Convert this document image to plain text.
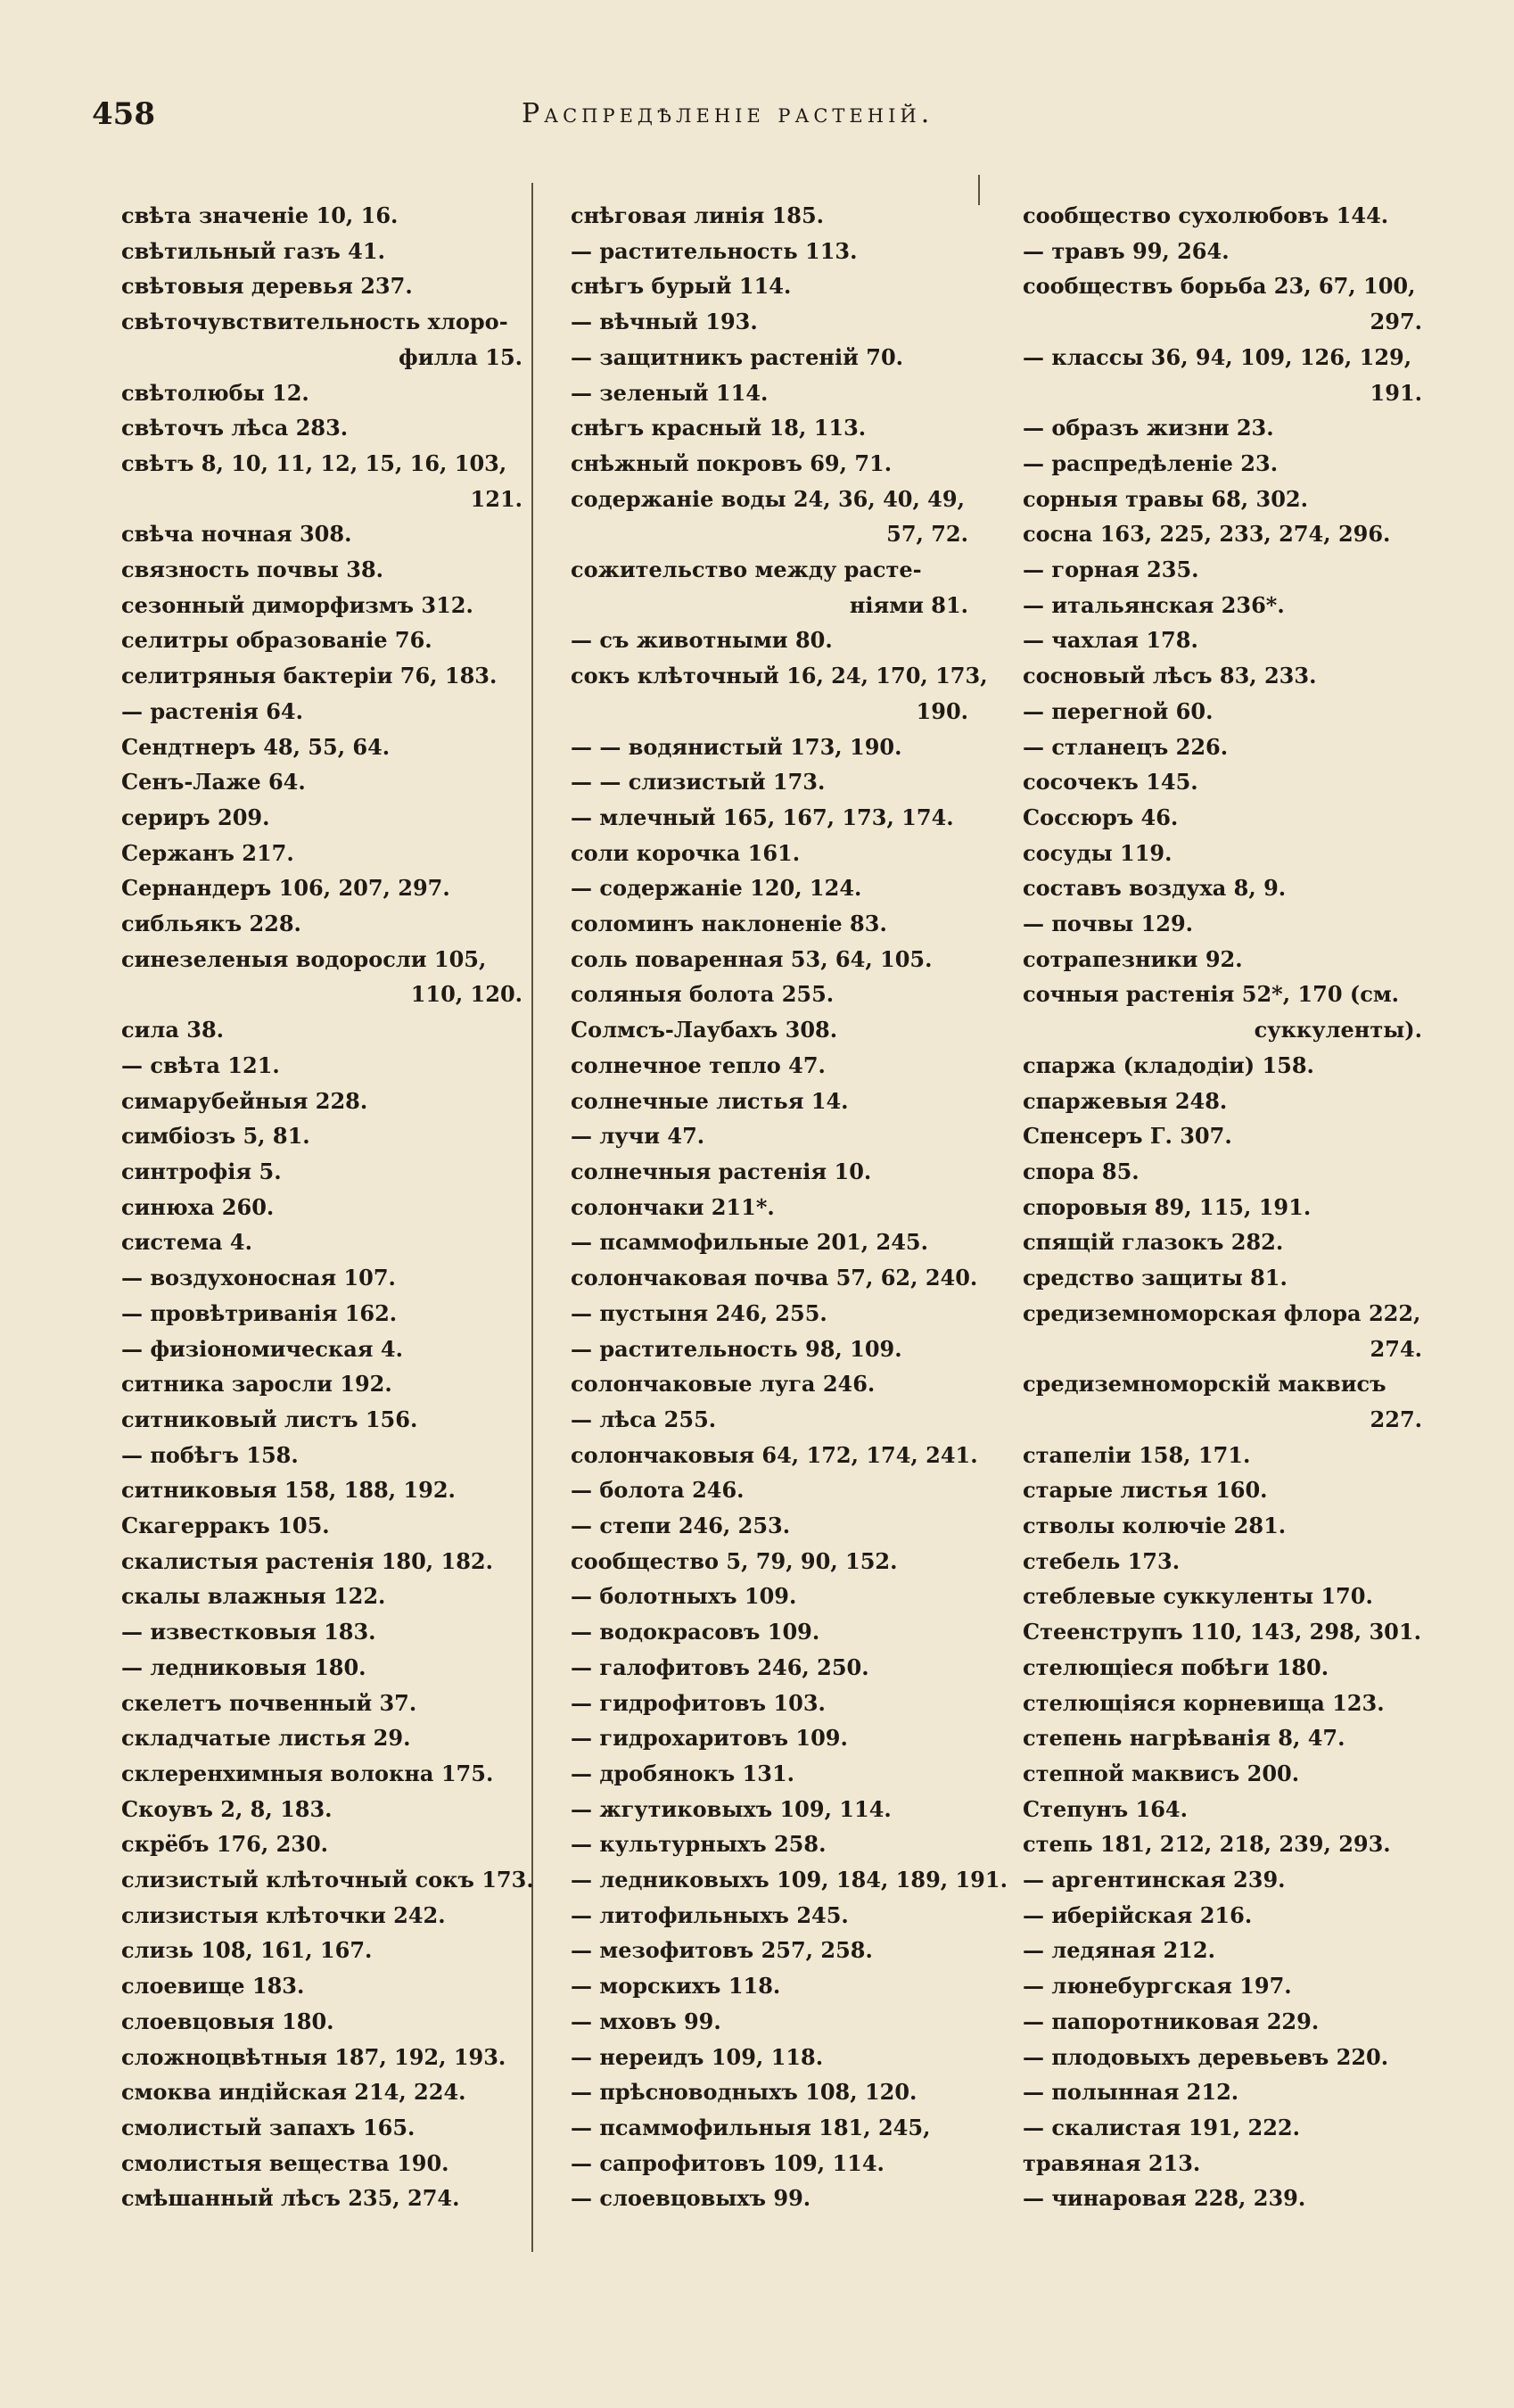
458	Распредѣленіе растеній.
свѣта значеніе 10, 16.
свѣтильный газъ 41.
свѣтовыя деревья 237.
свѣточувствительность хлоро-
филла 15.
свѣтолюбы 12.
свѣточъ лѣса 283.
свѣтъ 8, 10, 11, 12, 15, 16, 103,
121.
свѣча ночная 308.
связность почвы 38.
сезонный диморфизмъ 312.
селитры образованіе 76.
селитряныя бактеріи 76, 183.
— растенія 64.
Сендтнеръ 48, 55, 64.
Сенъ-Лаже 64.
сериръ 209.
Сержанъ 217.
Сернандеръ 106, 207, 297.
сибльякъ 228.
синезеленыя водоросли 105,
110, 120.
сила 38.
— свѣта 121.
симарубейныя 228.
симбіозъ 5, 81.
синтрофія 5.
синюха 260.
система 4.
— воздухоносная 107.
— провѣтриванія 162.
— физіономическая 4.
ситника заросли 192.
ситниковый листъ 156.
— побѣгъ 158.
ситниковыя 158, 188, 192.
Скагерракъ 105.
скалистыя растенія 180, 182.
скалы влажныя 122.
— известковыя 183.
— ледниковыя 180.
скелетъ почвенный 37.
складчатые листья 29.
склеренхимныя волокна 175.
Скоувъ 2, 8, 183.
скрёбъ 176, 230.
слизистый клѣточный сокъ 173.
слизистыя клѣточки 242.
слизь 108, 161, 167.
слоевище 183.
слоевцовыя 180.
сложноцвѣтныя 187, 192, 193.
смоква индійская 214, 224.
смолистый запахъ 165.
смолистыя вещества 190.
смѣшанный лѣсъ 235, 274.
снѣговая линія 185.
— растительность 113.
снѣгъ бурый 114.
— вѣчный 193.
— защитникъ растеній 70.
— зеленый 114.
снѣгъ красный 18, 113.
снѣжный покровъ 69, 71.
содержаніе воды 24, 36, 40, 49,
57, 72.
сожительство между расте-
ніями 81.
— съ животными 80.
сокъ клѣточный 16, 24, 170, 173,
190.
— — водянистый 173, 190.
— — слизистый 173.
— млечный 165, 167, 173, 174.
соли корочка 161.
— содержаніе 120, 124.
соломинъ наклоненіе 83.
соль поваренная 53, 64, 105.
соляныя болота 255.
Солмсъ-Лаубахъ 308.
солнечное тепло 47.
солнечные листья 14.
— лучи 47.
солнечныя растенія 10.
солончаки 211*.
— псаммофильные 201, 245.
солончаковая почва 57, 62, 240.
— пустыня 246, 255.
— растительность 98, 109.
солончаковые луга 246.
— лѣса 255.
солончаковыя 64, 172, 174, 241.
— болота 246.
— степи 246, 253.
сообщество 5, 79, 90, 152.
— болотныхъ 109.
— водокрасовъ 109.
— галофитовъ 246, 250.
— гидрофитовъ 103.
— гидрохаритовъ 109.
— дробянокъ 131.
— жгутиковыхъ 109, 114.
— культурныхъ 258.
— ледниковыхъ 109, 184, 189, 191.
— литофильныхъ 245.
— мезофитовъ 257, 258.
— морскихъ 118.
— мховъ 99.
— нереидъ 109, 118.
— прѣсноводныхъ 108, 120.
— псаммофильныя 181, 245,
— сапрофитовъ 109, 114.
— слоевцовыхъ 99.
сообщество сухолюбовъ 144.
— травъ 99, 264.
сообществъ борьба 23, 67, 100,
297.
— классы 36, 94, 109, 126, 129,
191.
— образъ жизни 23.
— распредѣленіе 23.
сорныя травы 68, 302.
сосна 163, 225, 233, 274, 296.
— горная 235.
— итальянская 236*.
— чахлая 178.
сосновый лѣсъ 83, 233.
— перегной 60.
— стланецъ 226.
сосочекъ 145.
Соссюръ 46.
сосуды 119.
составъ воздуха 8, 9.
— почвы 129.
сотрапезники 92.
сочныя растенія 52*, 170 (см.
суккуленты).
спаржа (кладодіи) 158.
спаржевыя 248.
Спенсеръ Г. 307.
спора 85.
споровыя 89, 115, 191.
спящій глазокъ 282.
средство защиты 81.
средиземноморская флора 222,
274.
средиземноморскій маквисъ
227.
стапеліи 158, 171.
старые листья 160.
стволы колючіе 281.
стебель 173.
стеблевые суккуленты 170.
Стеенструпъ 110, 143, 298, 301.
стелющіеся побѣги 180.
стелющіяся корневища 123.
степень нагрѣванія 8, 47.
степной маквисъ 200.
Степунъ 164.
степь 181, 212, 218, 239, 293.
— аргентинская 239.
— иберійская 216.
— ледяная 212.
— люнебургская 197.
— папоротниковая 229.
— плодовыхъ деревьевъ 220.
— полынная 212.
— скалистая 191, 222.
травяная 213.
— чинаровая 228, 239.
